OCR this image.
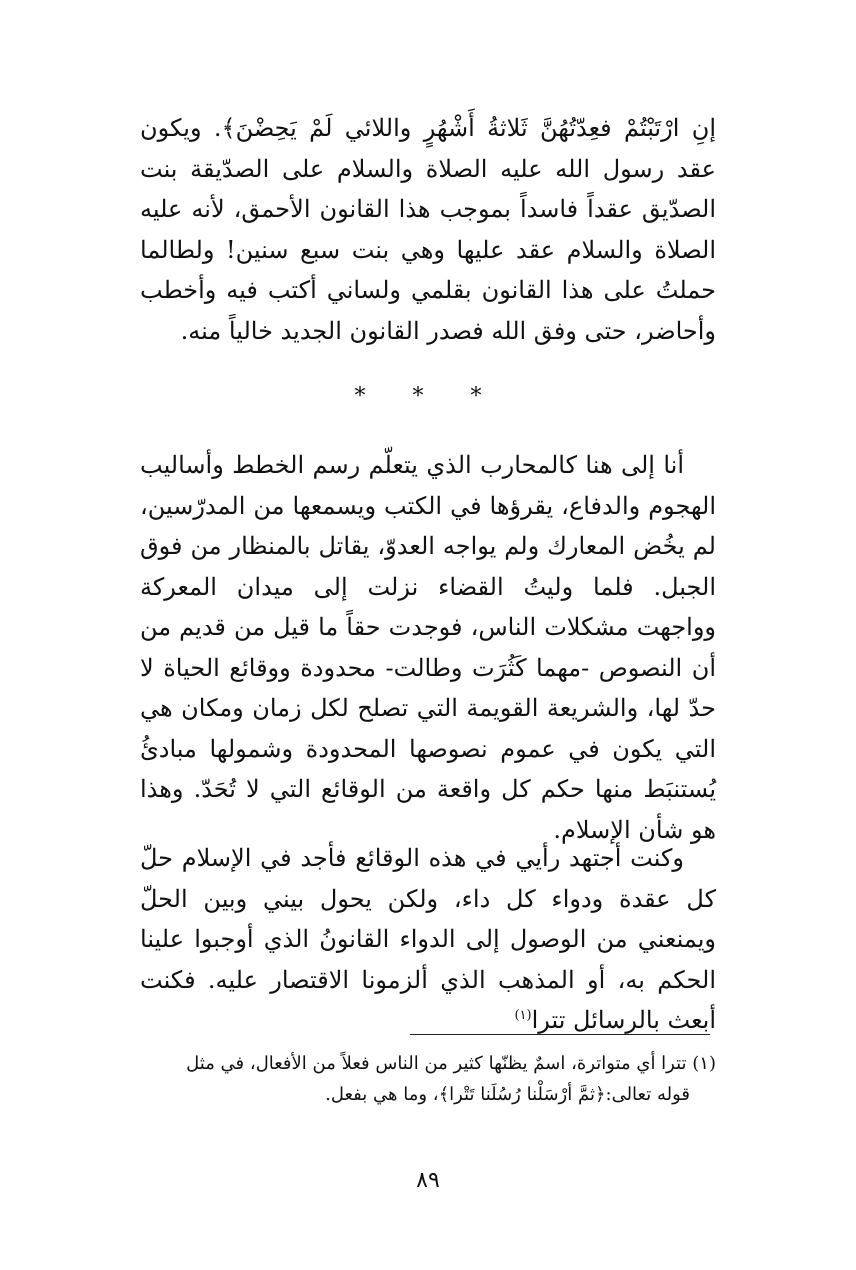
إنِ ارْتَبْتُمْ فعِدّتُهُنَّ ثَلاثةُ أَشْهُرٍ واللائي لَمْ يَحِضْنَ﴾. ويكون عقد رسول الله عليه الصلاة والسلام على الصدّيقة بنت الصدّيق عقداً فاسداً بموجب هذا القانون الأحمق، لأنه عليه الصلاة والسلام عقد عليها وهي بنت سبع سنين! ولطالما حملتُ على هذا القانون بقلمي ولساني أكتب فيه وأخطب وأحاضر، حتى وفق الله فصدر القانون الجديد خالياً منه.

* * *

أنا إلى هنا كالمحارب الذي يتعلّم رسم الخطط وأساليب الهجوم والدفاع، يقرؤها في الكتب ويسمعها من المدرّسين، لم يخُض المعارك ولم يواجه العدوّ، يقاتل بالمنظار من فوق الجبل. فلما وليتُ القضاء نزلت إلى ميدان المعركة وواجهت مشكلات الناس، فوجدت حقاً ما قيل من قديم من أن النصوص -مهما كَثُرَت وطالت- محدودة ووقائع الحياة لا حدّ لها، والشريعة القويمة التي تصلح لكل زمان ومكان هي التي يكون في عموم نصوصها المحدودة وشمولها مبادئُ يُستنبَط منها حكم كل واقعة من الوقائع التي لا تُحَدّ. وهذا هو شأن الإسلام.

وكنت أجتهد رأيي في هذه الوقائع فأجد في الإسلام حلّ كل عقدة ودواء كل داء، ولكن يحول بيني وبين الحلّ ويمنعني من الوصول إلى الدواء القانونُ الذي أوجبوا علينا الحكم به، أو المذهب الذي ألزمونا الاقتصار عليه. فكنت أبعث بالرسائل تترا$^{(١)}$

(١) تترا أي متواترة، اسمٌ يظنّها كثير من الناس فعلاً من الأفعال، في مثل
قوله تعالى:﴿ثمَّ أرْسَلْنا رُسُلَنا تَتْرا﴾، وما هي بفعل.
٨٩
